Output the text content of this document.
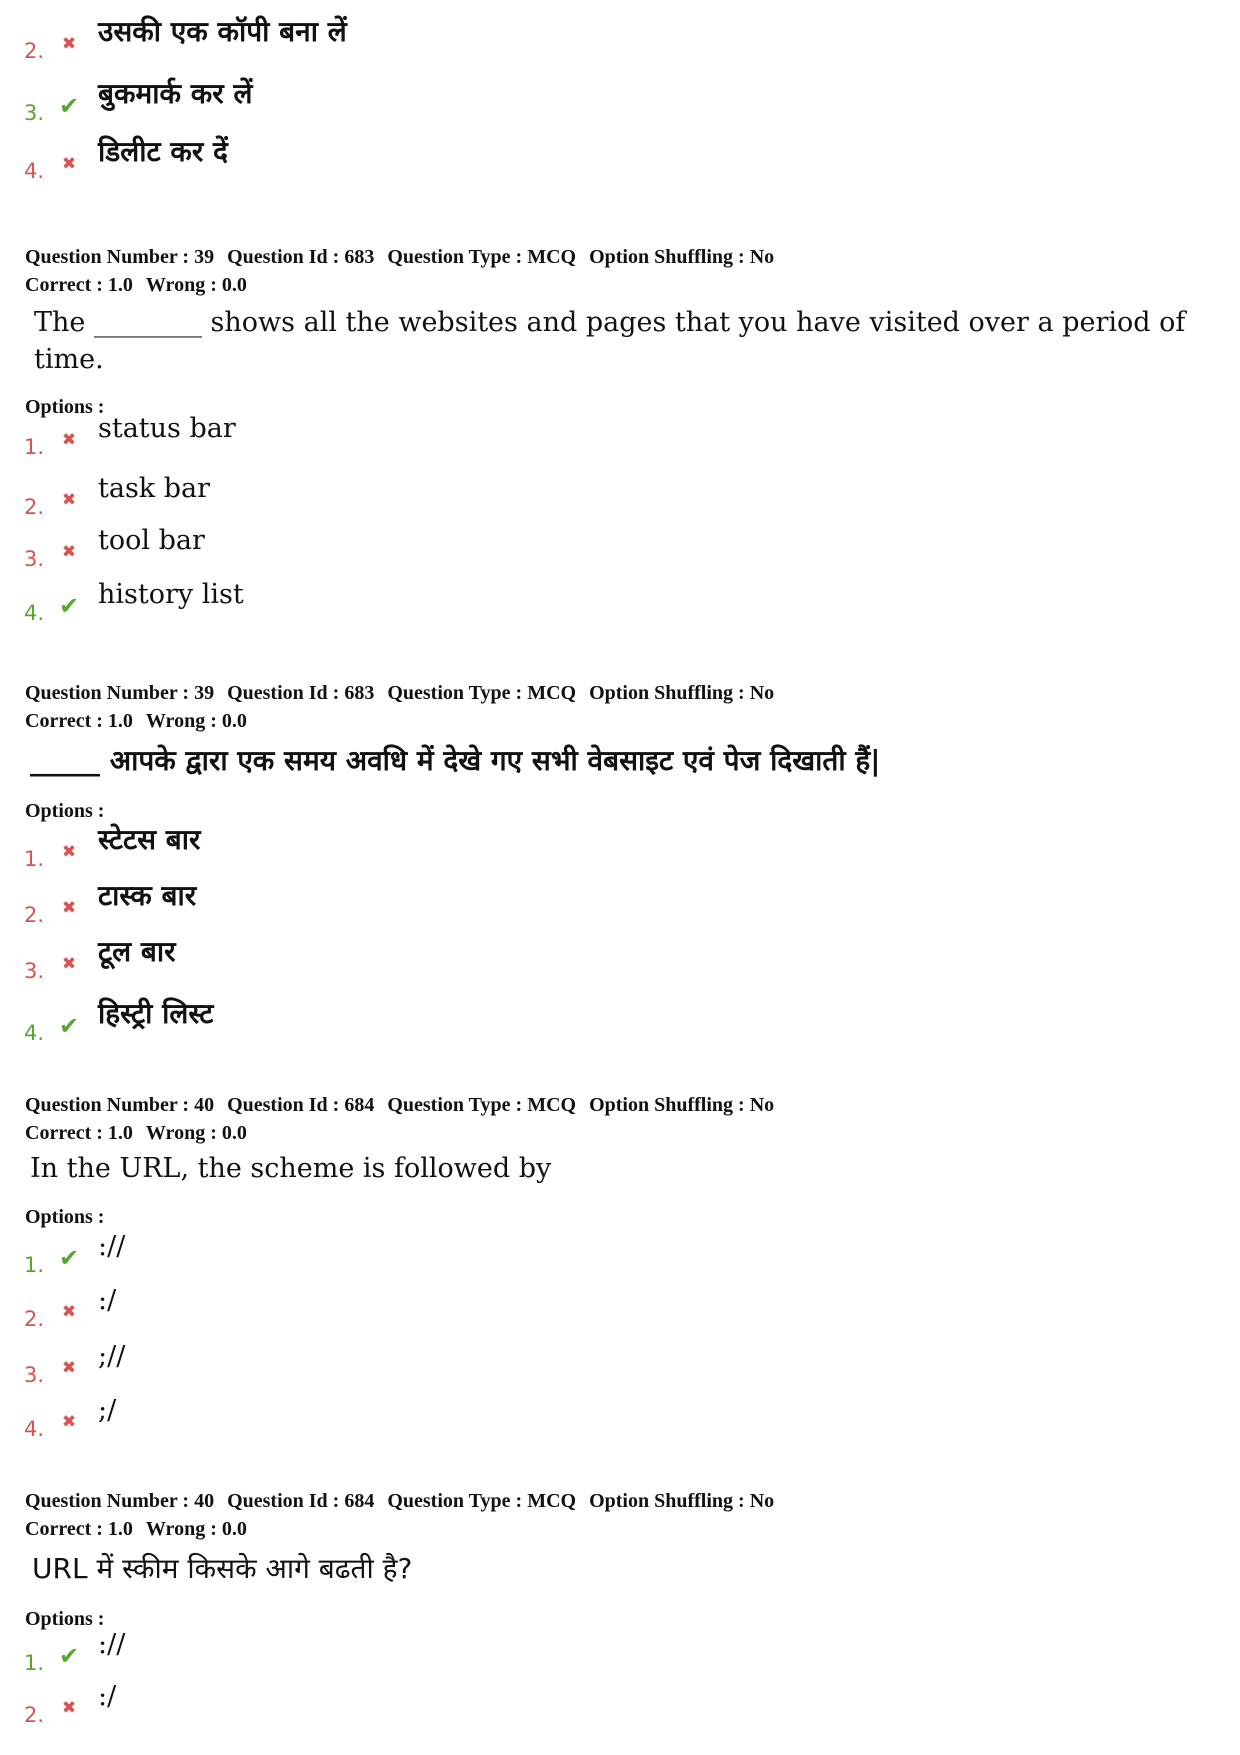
2.	✖ उसकी एक कॉपी बना लें
3. ✔ बुकमार्क कर लें
4.	✖ डिलीट कर दें
Question Number : 39 Question Id : 683 Question Type : MCQ Option Shuffling : No
Correct : 1.0 Wrong : 0.0
The ________ shows all the websites and pages that you have visited over a period of
time.
Options :
1.	✖ status bar
2.	✖ task bar
3.	✖ tool bar
4. ✔ history list
Question Number : 39 Question Id : 683 Question Type : MCQ Option Shuffling : No
Correct : 1.0 Wrong : 0.0
_____ आपके द्वारा एक समय अवधि में देखे गए सभी वेबसाइट एवं पेज दिखाती हैं|
Options :
1.	✖ स्टेटस बार
2.	✖ टास्क बार
3.	✖ टूल बार
4. ✔ हिस्ट्री लिस्ट
Question Number : 40 Question Id : 684 Question Type : MCQ Option Shuffling : No
Correct : 1.0 Wrong : 0.0
In the URL, the scheme is followed by
Options :
1. ✔ ://
2.	✖ :/
3.	✖ ;//
4.	✖ ;/
Question Number : 40 Question Id : 684 Question Type : MCQ Option Shuffling : No
Correct : 1.0 Wrong : 0.0
URL में स्कीम किसके आगे बढती है?
Options :
1. ✔ ://
2.	✖ :/
